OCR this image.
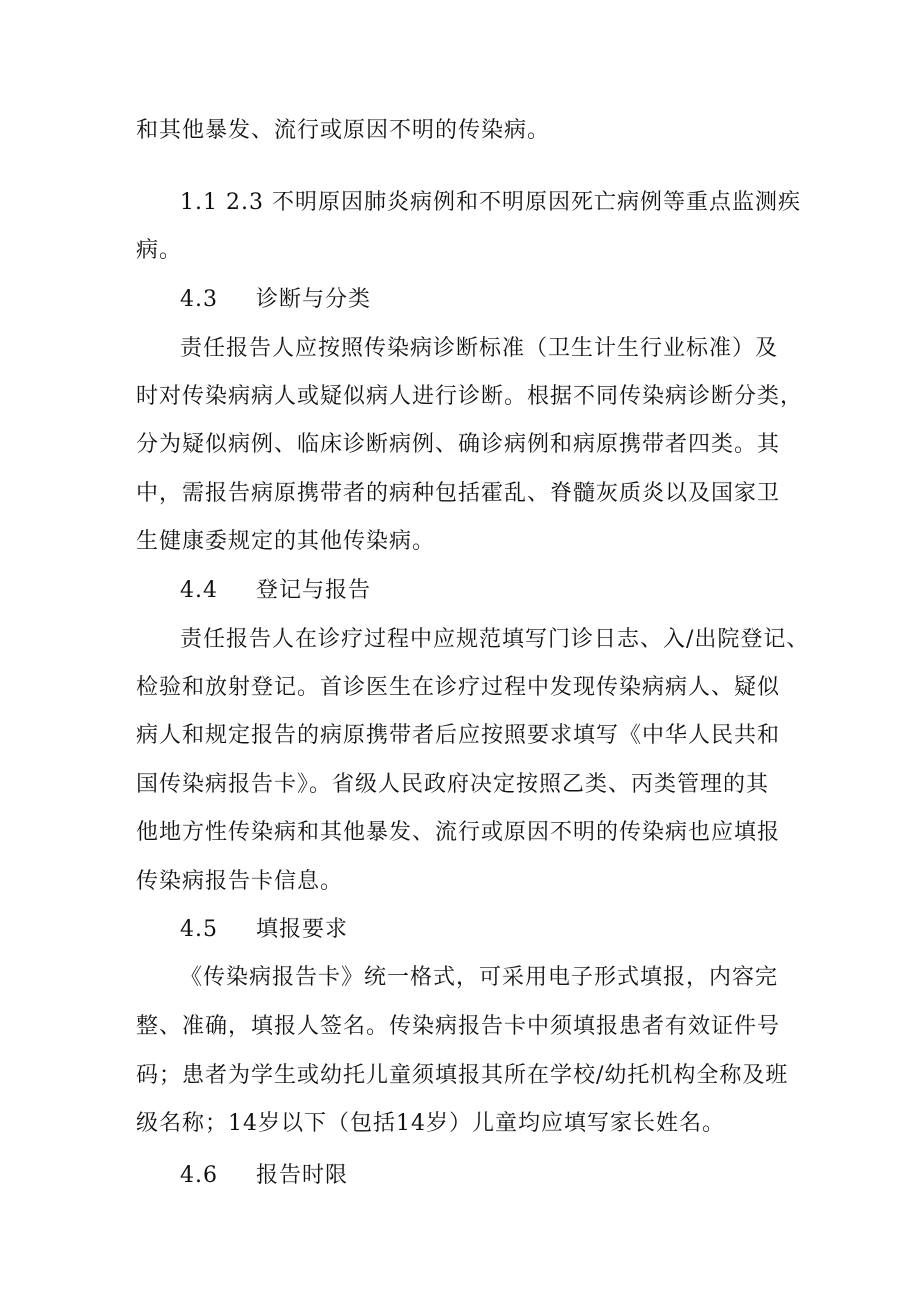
和其他暴发、流行或原因不明的传染病。
1.1 2.3 不明原因肺炎病例和不明原因死亡病例等重点监测疾
病。
4.3 诊断与分类
责任报告人应按照传染病诊断标准（卫生计生行业标准）及
时对传染病病人或疑似病人进行诊断。根据不同传染病诊断分类，
分为疑似病例、临床诊断病例、确诊病例和病原携带者四类。其
中，需报告病原携带者的病种包括霍乱、脊髓灰质炎以及国家卫
生健康委规定的其他传染病。
4.4 登记与报告
责任报告人在诊疗过程中应规范填写门诊日志、入/出院登记、
检验和放射登记。首诊医生在诊疗过程中发现传染病病人、疑似
病人和规定报告的病原携带者后应按照要求填写《中华人民共和
国传染病报告卡》。省级人民政府决定按照乙类、丙类管理的其
他地方性传染病和其他暴发、流行或原因不明的传染病也应填报
传染病报告卡信息。
4.5 填报要求
《传染病报告卡》统一格式，可采用电子形式填报，内容完
整、准确，填报人签名。传染病报告卡中须填报患者有效证件号
码；患者为学生或幼托儿童须填报其所在学校/幼托机构全称及班
级名称；14岁以下（包括14岁）儿童均应填写家长姓名。
4.6 报告时限
